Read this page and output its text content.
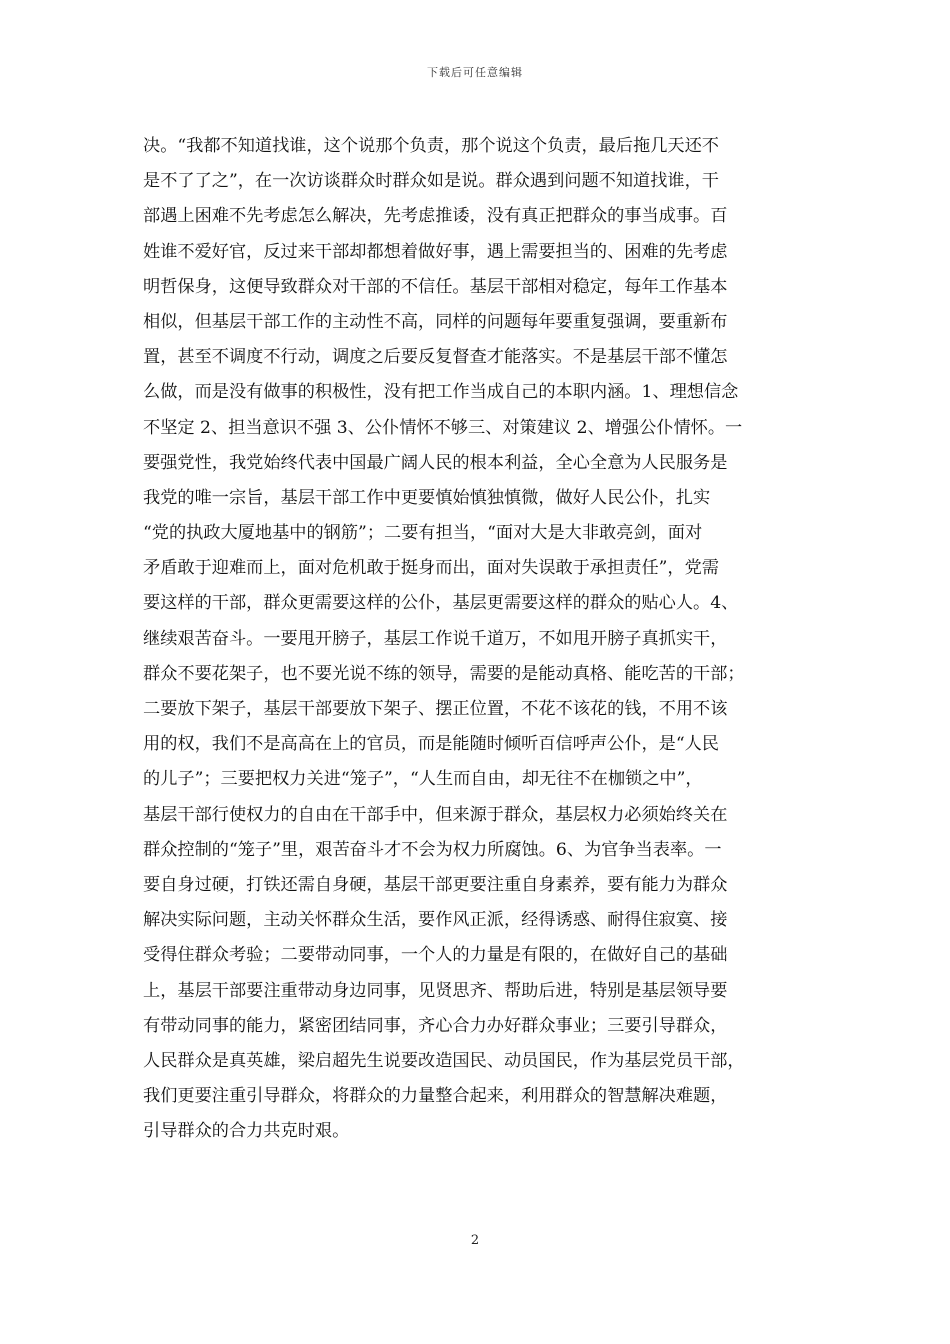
下载后可任意编辑
决。“我都不知道找谁，这个说那个负责，那个说这个负责，最后拖几天还不
是不了了之”，在一次访谈群众时群众如是说。群众遇到问题不知道找谁，干
部遇上困难不先考虑怎么解决，先考虑推诿，没有真正把群众的事当成事。百
姓谁不爱好官，反过来干部却都想着做好事，遇上需要担当的、困难的先考虑
明哲保身，这便导致群众对干部的不信任。基层干部相对稳定，每年工作基本
相似，但基层干部工作的主动性不高，同样的问题每年要重复强调，要重新布
置，甚至不调度不行动，调度之后要反复督查才能落实。不是基层干部不懂怎
么做，而是没有做事的积极性，没有把工作当成自己的本职内涵。1、理想信念
不坚定 2、担当意识不强 3、公仆情怀不够三、对策建议 2、增强公仆情怀。一
要强党性，我党始终代表中国最广阔人民的根本利益，全心全意为人民服务是
我党的唯一宗旨，基层干部工作中更要慎始慎独慎微，做好人民公仆，扎实
“党的执政大厦地基中的钢筋”；二要有担当，“面对大是大非敢亮剑，面对
矛盾敢于迎难而上，面对危机敢于挺身而出，面对失误敢于承担责任”，党需
要这样的干部，群众更需要这样的公仆，基层更需要这样的群众的贴心人。4、
继续艰苦奋斗。一要甩开膀子，基层工作说千道万，不如甩开膀子真抓实干，
群众不要花架子，也不要光说不练的领导，需要的是能动真格、能吃苦的干部；
二要放下架子，基层干部要放下架子、摆正位置，不花不该花的钱，不用不该
用的权，我们不是高高在上的官员，而是能随时倾听百信呼声公仆，是“人民
的儿子”；三要把权力关进“笼子”，“人生而自由，却无往不在枷锁之中”，
基层干部行使权力的自由在干部手中，但来源于群众，基层权力必须始终关在
群众控制的“笼子”里，艰苦奋斗才不会为权力所腐蚀。6、为官争当表率。一
要自身过硬，打铁还需自身硬，基层干部更要注重自身素养，要有能力为群众
解决实际问题，主动关怀群众生活，要作风正派，经得诱惑、耐得住寂寞、接
受得住群众考验；二要带动同事，一个人的力量是有限的，在做好自己的基础
上，基层干部要注重带动身边同事，见贤思齐、帮助后进，特别是基层领导要
有带动同事的能力，紧密团结同事，齐心合力办好群众事业；三要引导群众，
人民群众是真英雄，梁启超先生说要改造国民、动员国民，作为基层党员干部，
我们更要注重引导群众，将群众的力量整合起来，利用群众的智慧解决难题，
引导群众的合力共克时艰。
2
